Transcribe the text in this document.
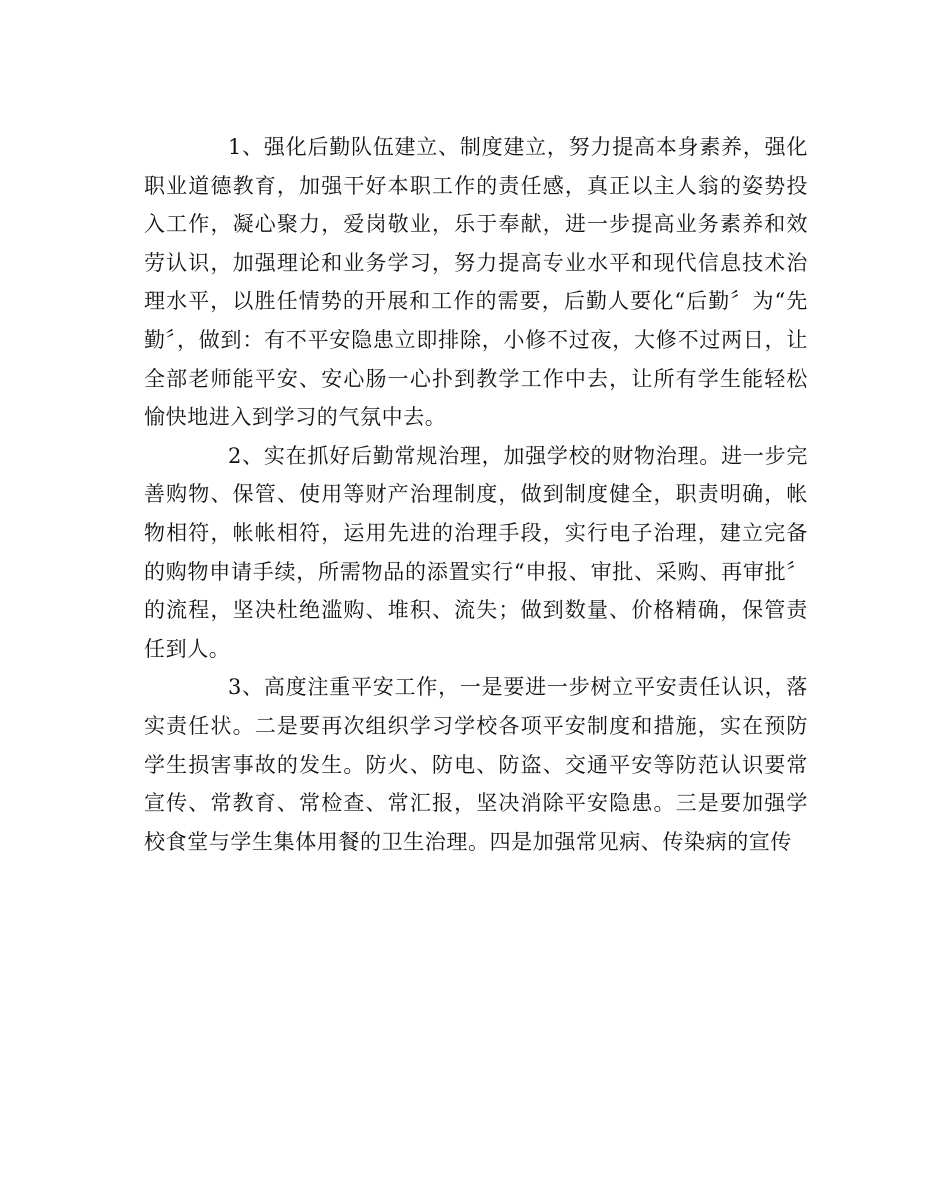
1、强化后勤队伍建立、制度建立，努力提高本身素养，强化职业道德教育，加强干好本职工作的责任感，真正以主人翁的姿势投入工作，凝心聚力，爱岗敬业，乐于奉献，进一步提高业务素养和效劳认识，加强理论和业务学习，努力提高专业水平和现代信息技术治理水平，以胜任情势的开展和工作的需要，后勤人要化“后勤〞为“先勤〞，做到：有不平安隐患立即排除，小修不过夜，大修不过两日，让全部老师能平安、安心肠一心扑到教学工作中去，让所有学生能轻松愉快地进入到学习的气氛中去。

2、实在抓好后勤常规治理，加强学校的财物治理。进一步完善购物、保管、使用等财产治理制度，做到制度健全，职责明确，帐物相符，帐帐相符，运用先进的治理手段，实行电子治理，建立完备的购物申请手续，所需物品的添置实行“申报、审批、采购、再审批〞的流程，坚决杜绝滥购、堆积、流失；做到数量、价格精确，保管责任到人。

3、高度注重平安工作，一是要进一步树立平安责任认识，落实责任状。二是要再次组织学习学校各项平安制度和措施，实在预防学生损害事故的发生。防火、防电、防盗、交通平安等防范认识要常宣传、常教育、常检查、常汇报，坚决消除平安隐患。三是要加强学校食堂与学生集体用餐的卫生治理。四是加强常见病、传染病的宣传
